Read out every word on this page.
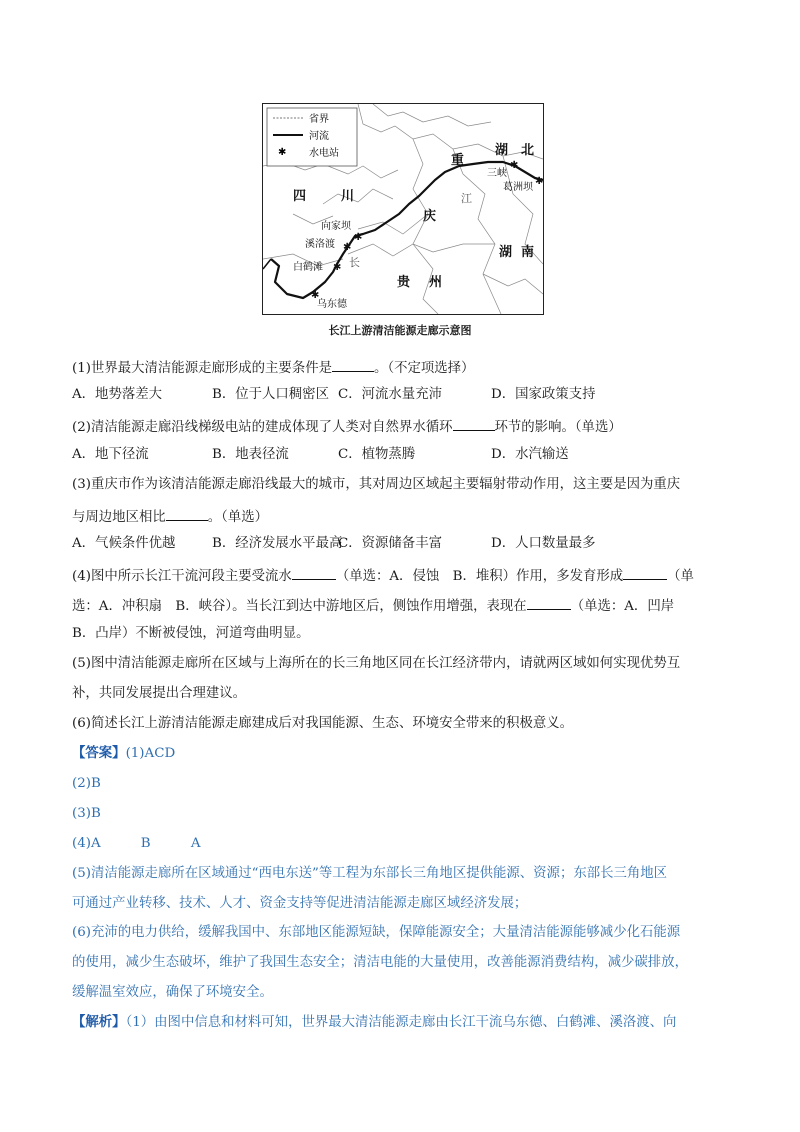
✱
省界
河流
水电站
四	川
湖 北
重
庆
湖 南
贵 州
江
长
✱
三峡
✱
葛洲坝
✱
向家坝
✱
溪洛渡
✱
白鹤滩
✱
乌东德
长江上游清洁能源走廊示意图
(1)世界最大清洁能源走廊形成的主要条件是	。（不定项选择）
A．地势落差大	B．位于人口稠密区 C．河流水量充沛	D．国家政策支持
(2)清洁能源走廊沿线梯级电站的建成体现了人类对自然界水循环	环节的影响。（单选）
A．地下径流	B．地表径流	C．植物蒸腾	D．水汽输送
(3)重庆市作为该清洁能源走廊沿线最大的城市，其对周边区域起主要辐射带动作用，这主要是因为重庆
与周边地区相比	。（单选）
A．气候条件优越	B．经济发展水平最高C．资源储备丰富	D．人口数量最多
(4)图中所示长江干流河段主要受流水	（单选：A．侵蚀　B．堆积）作用，多发育形成	（单
选：A．冲积扇　B．峡谷）。当长江到达中游地区后，侧蚀作用增强，表现在	（单选：A．凹岸
B．凸岸）不断被侵蚀，河道弯曲明显。
(5)图中清洁能源走廊所在区域与上海所在的长三角地区同在长江经济带内，请就两区域如何实现优势互
补，共同发展提出合理建议。
(6)简述长江上游清洁能源走廊建成后对我国能源、生态、环境安全带来的积极意义。
【答案】(1)ACD
(2)B
(3)B
(4)A　　　B　　　A
(5)清洁能源走廊所在区域通过“西电东送”等工程为东部长三角地区提供能源、资源；东部长三角地区
可通过产业转移、技术、人才、资金支持等促进清洁能源走廊区域经济发展；
(6)充沛的电力供给，缓解我国中、东部地区能源短缺，保障能源安全；大量清洁能源能够减少化石能源
的使用，减少生态破坏，维护了我国生态安全；清洁电能的大量使用，改善能源消费结构，减少碳排放，
缓解温室效应，确保了环境安全。
【解析】（1）由图中信息和材料可知，世界最大清洁能源走廊由长江干流乌东德、白鹤滩、溪洛渡、向
